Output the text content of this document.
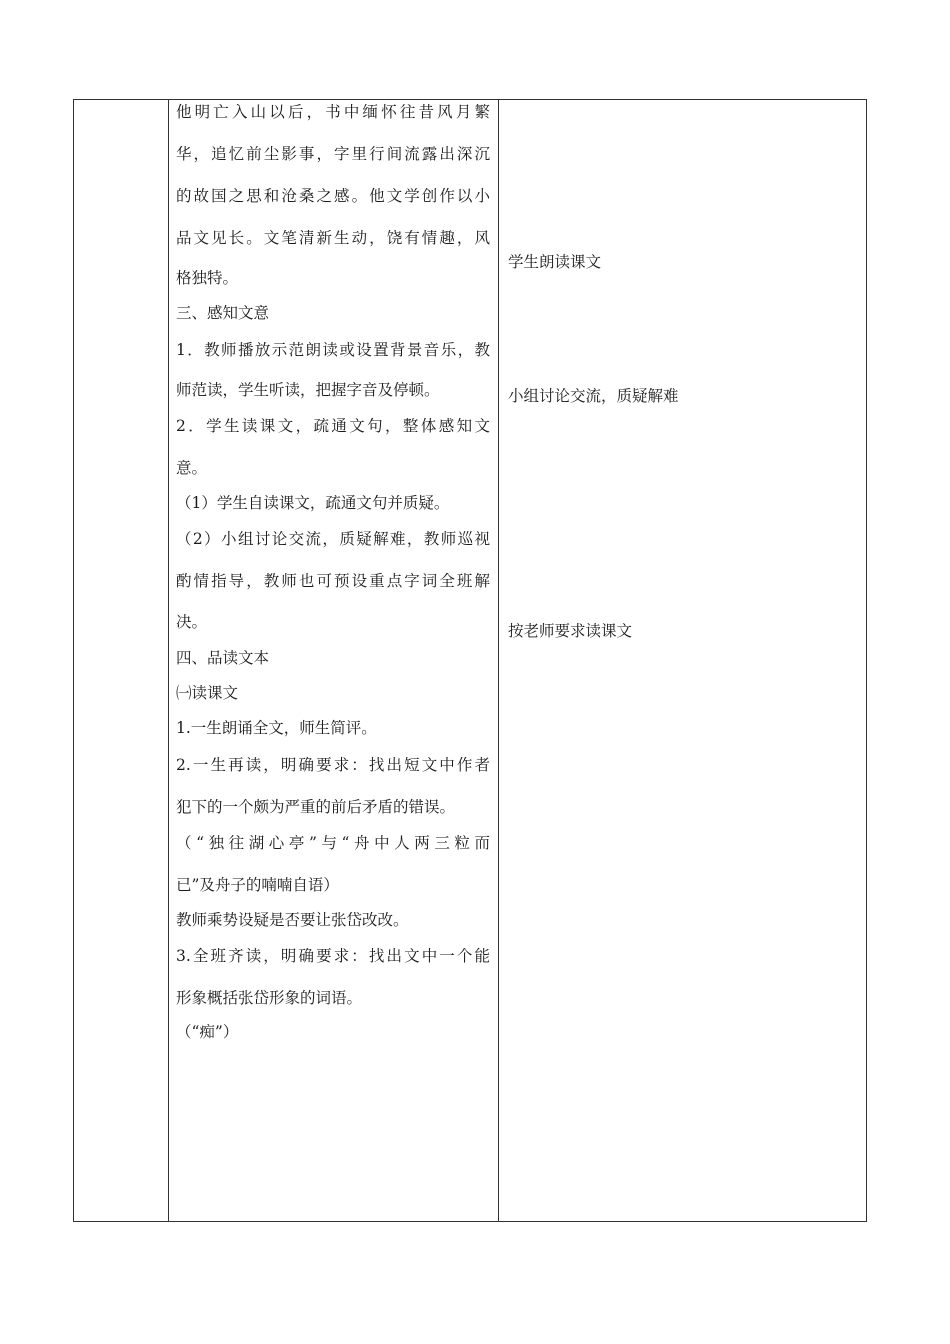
他明亡入山以后，书中缅怀往昔风月繁
华，追忆前尘影事，字里行间流露出深沉
的故国之思和沧桑之感。他文学创作以小
品文见长。文笔清新生动，饶有情趣，风
格独特。
三、感知文意
1．教师播放示范朗读或设置背景音乐，教
师范读，学生听读，把握字音及停顿。
2．学生读课文，疏通文句，整体感知文
意。
（1）学生自读课文，疏通文句并质疑。
（2）小组讨论交流，质疑解难，教师巡视
酌情指导，教师也可预设重点字词全班解
决。
四、品读文本
㈠读课文
1.一生朗诵全文，师生简评。
2.一生再读，明确要求：找出短文中作者
犯下的一个颇为严重的前后矛盾的错误。
（“独往湖心亭”与“舟中人两三粒而
已”及舟子的喃喃自语）
教师乘势设疑是否要让张岱改改。
3.全班齐读，明确要求：找出文中一个能
形象概括张岱形象的词语。
（“痴”）
学生朗读课文
小组讨论交流，质疑解难
按老师要求读课文
